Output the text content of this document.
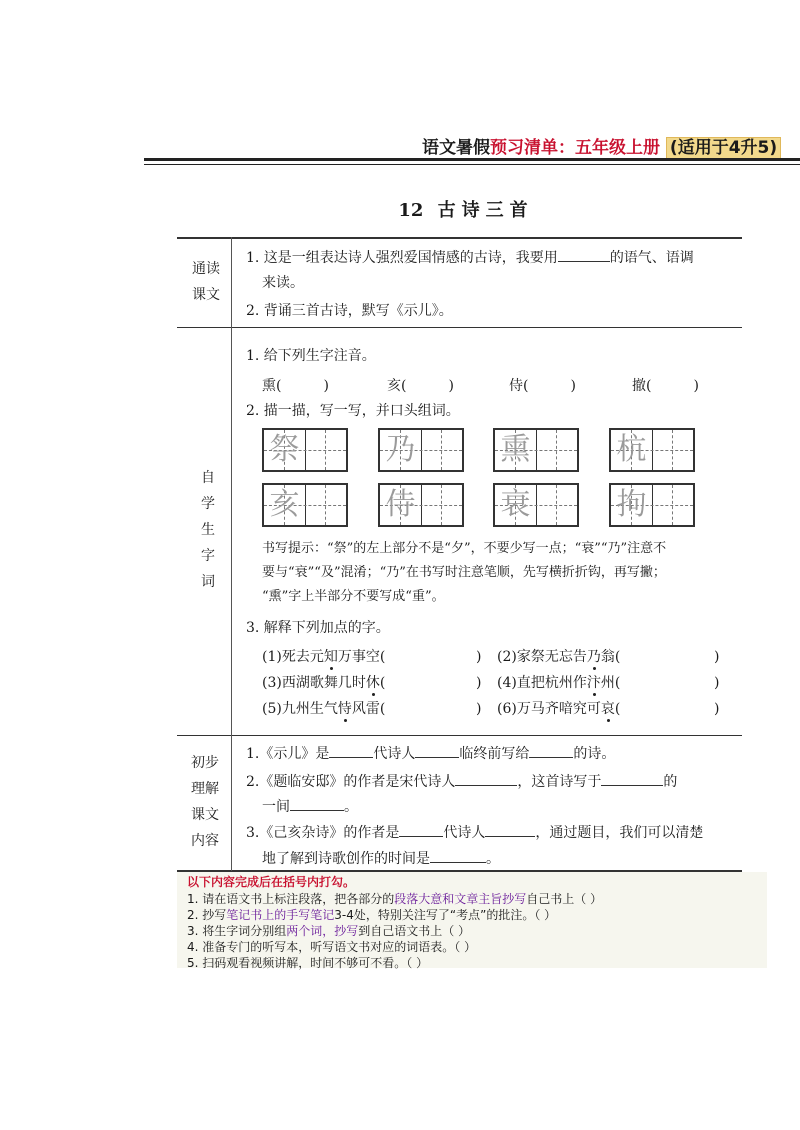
语文暑假预习清单：五年级上册 (适用于4升5)
12 古诗三首
通读课文
1. 这是一组表达诗人强烈爱国情感的古诗，我要用	的语气、语调
来读。
2. 背诵三首古诗，默写《示儿》。
自学生字词
1. 给下列生字注音。
熏(　　　)	亥(　　　)	侍(　　　)	撤(　　　)
2. 描一描，写一写，并口头组词。
祭	乃	熏	杭
亥	侍	衰	拘
书写提示：“祭”的左上部分不是“夕”，不要少写一点；“衰”“乃”注意不
要与“衰”“及”混淆；“乃”在书写时注意笔顺，先写横折折钩，再写撇；
“熏”字上半部分不要写成“重”。
3. 解释下列加点的字。
(1)死去元知万事空(	) (2)家祭无忘告乃翁(	)
(3)西湖歌舞几时休(	) (4)直把杭州作汴州(	)
(5)九州生气恃风雷(	) (6)万马齐喑究可哀(	)
初步
理解
课文
内容
1.《示儿》是	代诗人	临终前写给	的诗。
2.《题临安邸》的作者是宋代诗人	，这首诗写于	的
一间	。
3.《己亥杂诗》的作者是	代诗人	，通过题目，我们可以清楚
地了解到诗歌创作的时间是	。
以下内容完成后在括号内打勾。
1. 请在语文书上标注段落，把各部分的段落大意和文章主旨抄写自己书上（ ）
2. 抄写笔记书上的手写笔记3-4处，特别关注写了“考点”的批注。（ ）
3. 将生字词分别组两个词，抄写到自己语文书上（ ）
4. 准备专门的听写本，听写语文书对应的词语表。（ ）
5. 扫码观看视频讲解，时间不够可不看。（ ）
